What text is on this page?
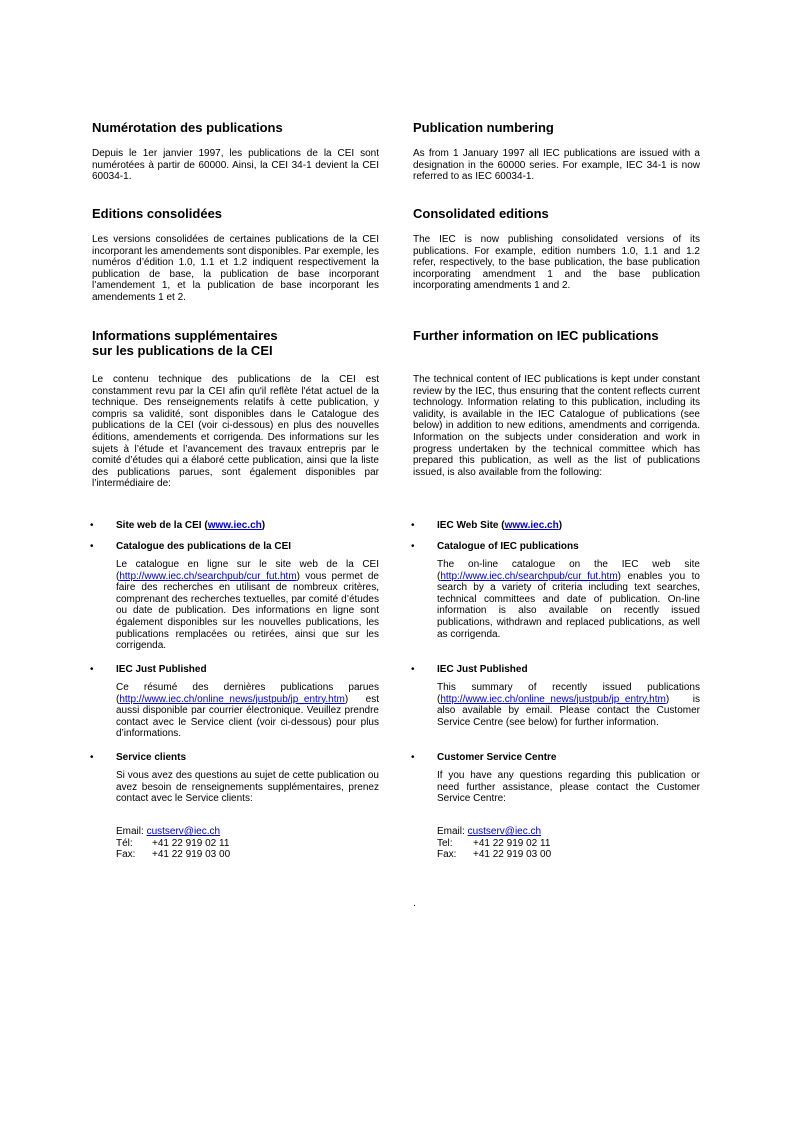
Numérotation des publications

Depuis le 1er janvier 1997, les publications de la CEI sont numérotées à partir de 60000. Ainsi, la CEI 34-1 devient la CEI 60034-1.

Editions consolidées

Les versions consolidées de certaines publications de la CEI incorporant les amendements sont disponibles. Par exemple, les numéros d’édition 1.0, 1.1 et 1.2 indiquent respectivement la publication de base, la publication de base incorporant l’amendement 1, et la publication de base incorporant les amendements 1 et 2.

Informations supplémentaires
sur les publications de la CEI

Le contenu technique des publications de la CEI est constamment revu par la CEI afin qu'il reflète l'état actuel de la technique. Des renseignements relatifs à cette publication, y compris sa validité, sont disponibles dans le Catalogue des publications de la CEI (voir ci-dessous) en plus des nouvelles éditions, amendements et corrigenda. Des informations sur les sujets à l’étude et l’avancement des travaux entrepris par le comité d’études qui a élaboré cette publication, ainsi que la liste des publications parues, sont également disponibles par l’intermédiaire de:

• Site web de la CEI (www.iec.ch)
• Catalogue des publications de la CEI

Le catalogue en ligne sur le site web de la CEI (http://www.iec.ch/searchpub/cur_fut.htm) vous permet de faire des recherches en utilisant de nombreux critères, comprenant des recherches textuelles, par comité d’études ou date de publication. Des informations en ligne sont également disponibles sur les nouvelles publications, les publications remplacées ou retirées, ainsi que sur les corrigenda.

• IEC Just Published

Ce résumé des dernières publications parues (http://www.iec.ch/online_news/justpub/jp_entry.htm) est aussi disponible par courrier électronique. Veuillez prendre contact avec le Service client (voir ci-dessous) pour plus d’informations.

• Service clients

Si vous avez des questions au sujet de cette publication ou avez besoin de renseignements supplémentaires, prenez contact avec le Service clients:

Email: custserv@iec.ch
Tél: +41 22 919 02 11
Fax: +41 22 919 03 00
Publication numbering

As from 1 January 1997 all IEC publications are issued with a designation in the 60000 series. For example, IEC 34-1 is now referred to as IEC 60034-1.

Consolidated editions

The IEC is now publishing consolidated versions of its publications. For example, edition numbers 1.0, 1.1 and 1.2 refer, respectively, to the base publication, the base publication incorporating amendment 1 and the base publication incorporating amendments 1 and 2.

Further information on IEC publications

The technical content of IEC publications is kept under constant review by the IEC, thus ensuring that the content reflects current technology. Information relating to this publication, including its validity, is available in the IEC Catalogue of publications (see below) in addition to new editions, amendments and corrigenda. Information on the subjects under consideration and work in progress undertaken by the technical committee which has prepared this publication, as well as the list of publications issued, is also available from the following:

• IEC Web Site (www.iec.ch)
• Catalogue of IEC publications

The on-line catalogue on the IEC web site (http://www.iec.ch/searchpub/cur_fut.htm) enables you to search by a variety of criteria including text searches, technical committees and date of publication. On-line information is also available on recently issued publications, withdrawn and replaced publications, as well as corrigenda.

• IEC Just Published

This summary of recently issued publications (http://www.iec.ch/online_news/justpub/jp_entry.htm) is also available by email. Please contact the Customer Service Centre (see below) for further information.

• Customer Service Centre

If you have any questions regarding this publication or need further assistance, please contact the Customer Service Centre:

Email: custserv@iec.ch
Tel: +41 22 919 02 11
Fax: +41 22 919 03 00
.
